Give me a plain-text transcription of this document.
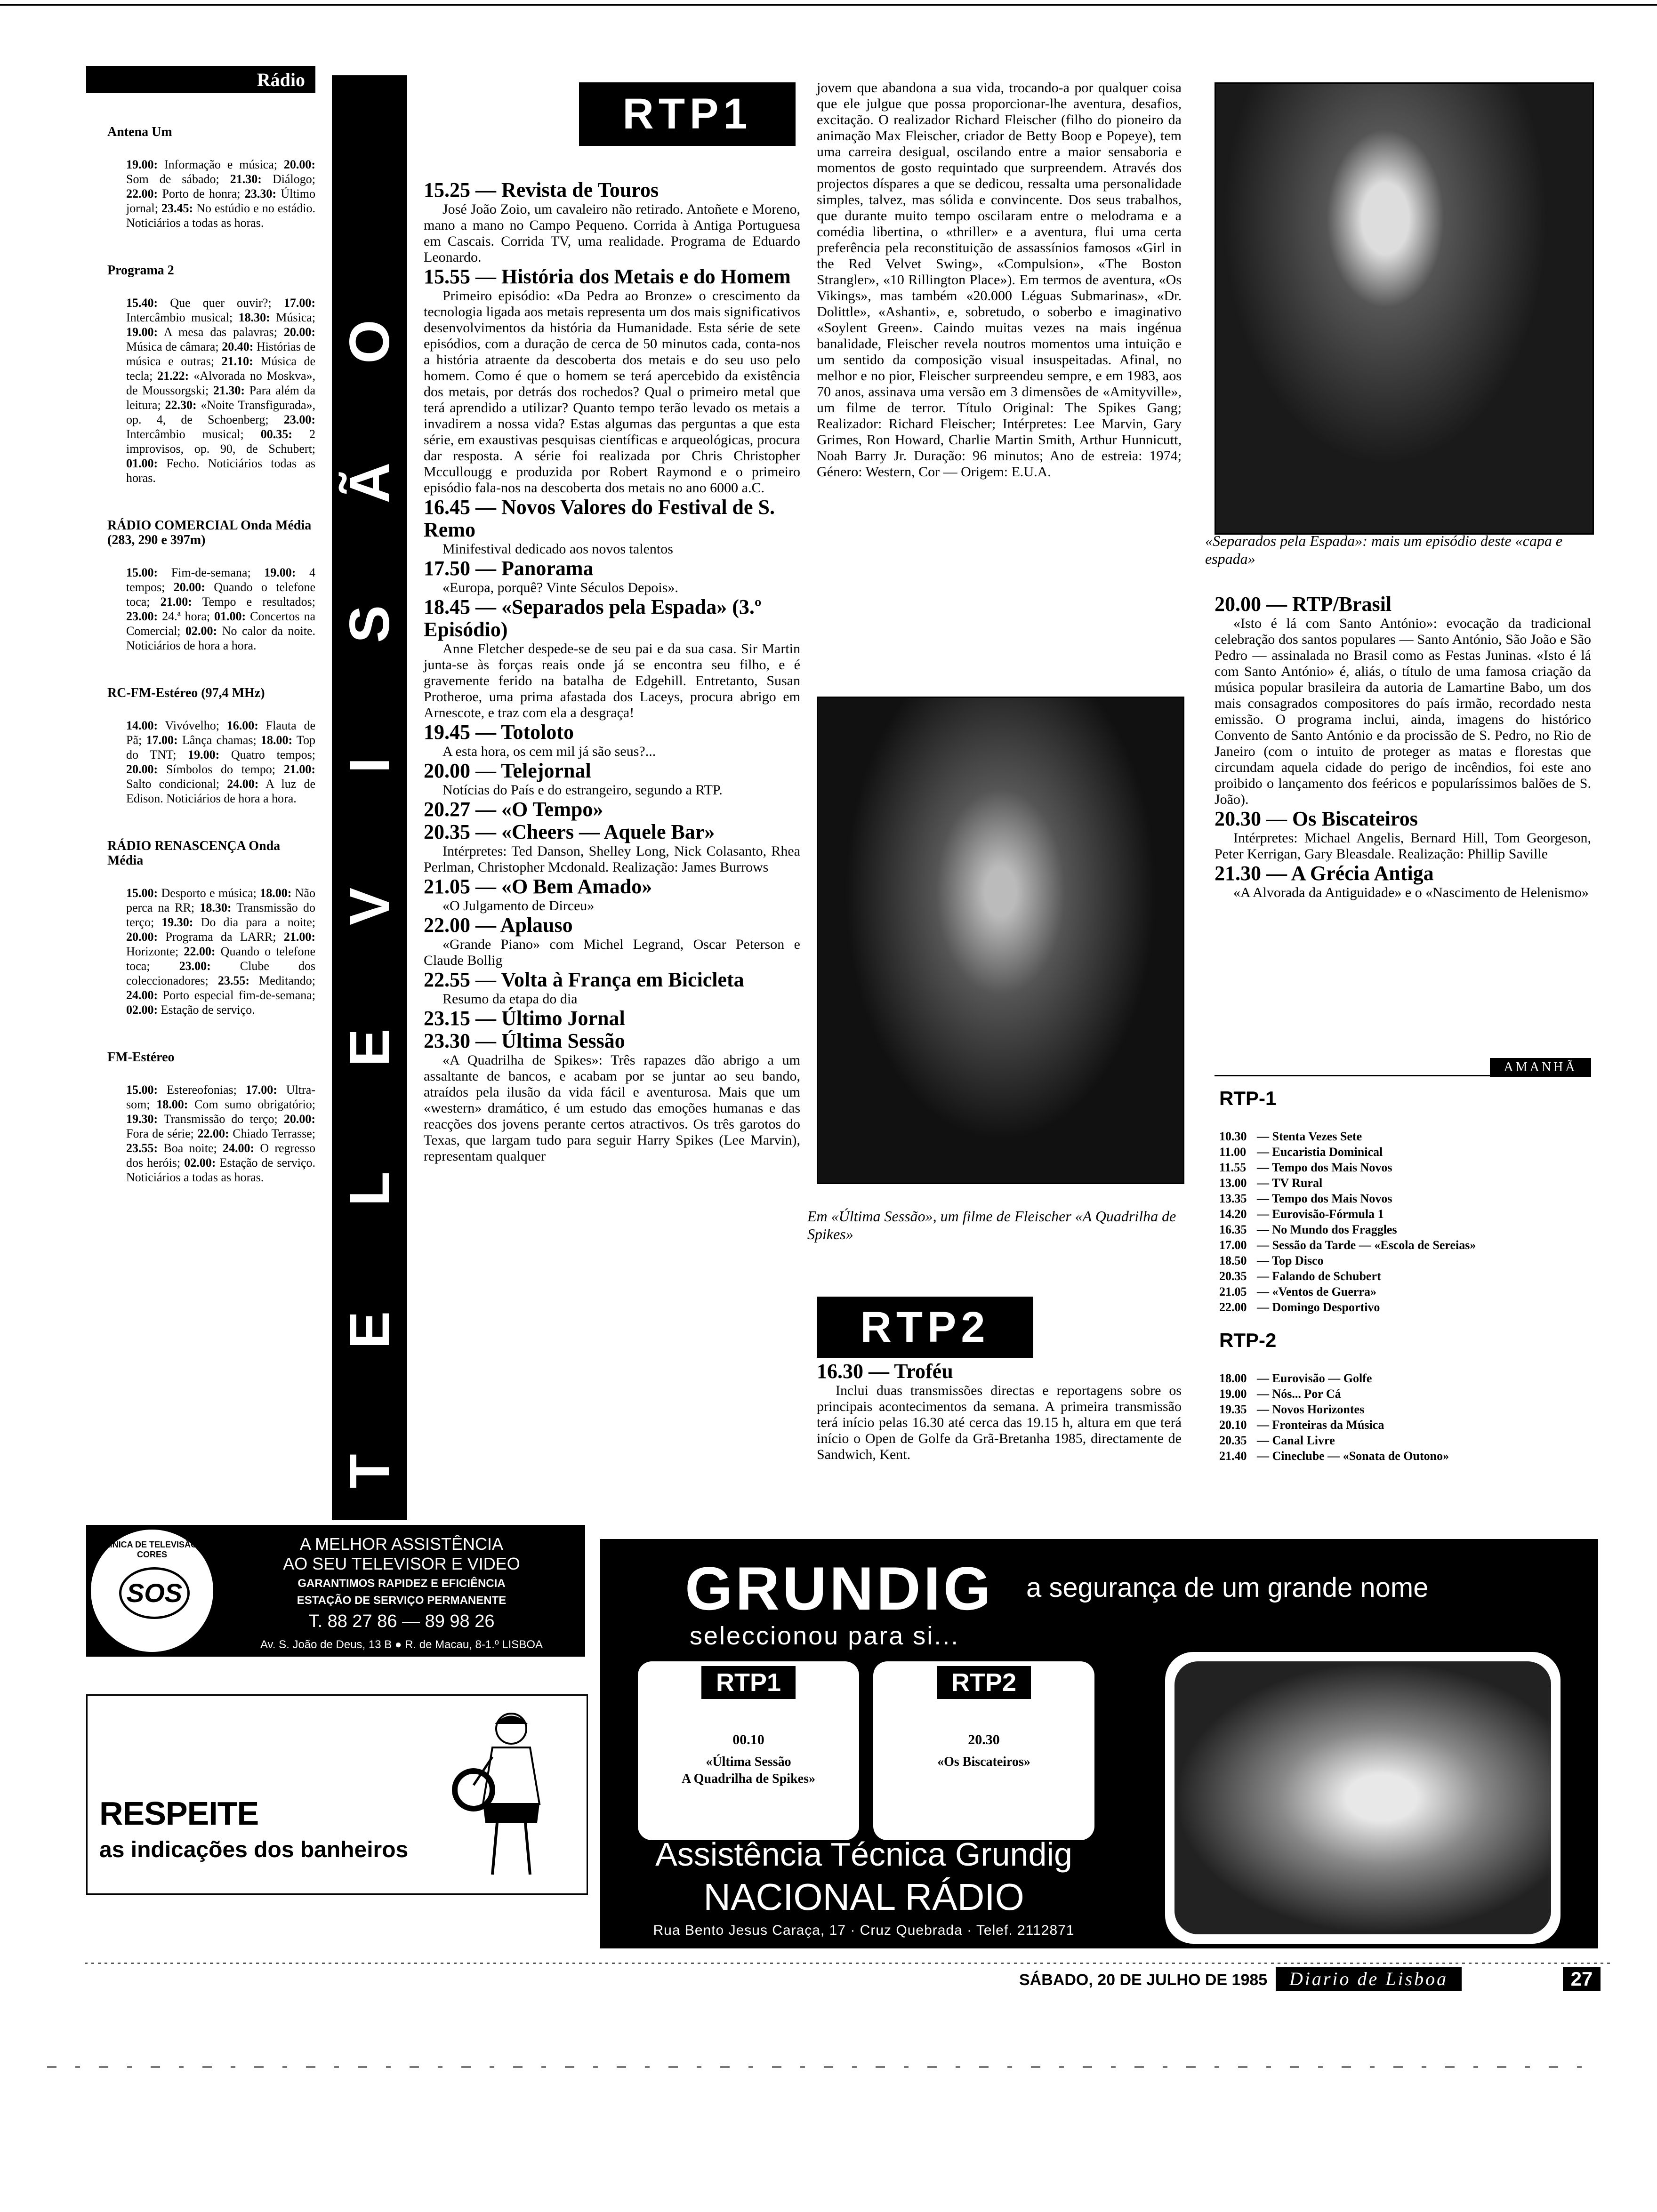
Rádio
Antena Um

19.00: Informação e música; 20.00: Som de sábado; 21.30: Diálogo; 22.00: Porto de honra; 23.30: Último jornal; 23.45: No estúdio e no estádio. Noticiários a todas as horas.

Programa 2

15.40: Que quer ouvir?; 17.00: Intercâmbio musical; 18.30: Música; 19.00: A mesa das palavras; 20.00: Música de câmara; 20.40: Histórias de música e outras; 21.10: Música de tecla; 21.22: «Alvorada no Moskva», de Moussorgski; 21.30: Para além da leitura; 22.30: «Noite Transfigurada», op. 4, de Schoenberg; 23.00: Intercâmbio musical; 00.35: 2 improvisos, op. 90, de Schubert; 01.00: Fecho. Noticiários todas as horas.

RÁDIO COMERCIAL Onda Média (283, 290 e 397m)

15.00: Fim-de-semana; 19.00: 4 tempos; 20.00: Quando o telefone toca; 21.00: Tempo e resultados; 23.00: 24.ª hora; 01.00: Concertos na Comercial; 02.00: No calor da noite. Noticiários de hora a hora.

RC-FM-Estéreo (97,4 MHz)

14.00: Vivóvelho; 16.00: Flauta de Pã; 17.00: Lânça chamas; 18.00: Top do TNT; 19.00: Quatro tempos; 20.00: Símbolos do tempo; 21.00: Salto condicional; 24.00: A luz de Edison. Noticiários de hora a hora.

RÁDIO RENASCENÇA Onda Média

15.00: Desporto e música; 18.00: Não perca na RR; 18.30: Transmissão do terço; 19.30: Do dia para a noite; 20.00: Programa da LARR; 21.00: Horizonte; 22.00: Quando o telefone toca; 23.00: Clube dos coleccionadores; 23.55: Meditando; 24.00: Porto especial fim-de-semana; 02.00: Estação de serviço.

FM-Estéreo

15.00: Estereofonias; 17.00: Ultra-som; 18.00: Com sumo obrigatório; 19.30: Transmissão do terço; 20.00: Fora de série; 22.00: Chiado Terrasse; 23.55: Boa noite; 24.00: O regresso dos heróis; 02.00: Estação de serviço. Noticiários a todas as horas.

T
E
L
E
V
I
S
Ã
O
RTP1
15.25 — Revista de Touros

José João Zoio, um cavaleiro não retirado. Antoñete e Moreno, mano a mano no Campo Pequeno. Corrida à Antiga Portuguesa em Cascais. Corrida TV, uma realidade. Programa de Eduardo Leonardo.

15.55 — História dos Metais e do Homem

Primeiro episódio: «Da Pedra ao Bronze» o crescimento da tecnologia ligada aos metais representa um dos mais significativos desenvolvimentos da história da Humanidade. Esta série de sete episódios, com a duração de cerca de 50 minutos cada, conta-nos a história atraente da descoberta dos metais e do seu uso pelo homem. Como é que o homem se terá apercebido da existência dos metais, por detrás dos rochedos? Qual o primeiro metal que terá aprendido a utilizar? Quanto tempo terão levado os metais a invadirem a nossa vida? Estas algumas das perguntas a que esta série, em exaustivas pesquisas científicas e arqueológicas, procura dar resposta. A série foi realizada por Chris Christopher Mccullougg e produzida por Robert Raymond e o primeiro episódio fala-nos na descoberta dos metais no ano 6000 a.C.

16.45 — Novos Valores do Festival de S. Remo

Minifestival dedicado aos novos talentos

17.50 — Panorama

«Europa, porquê? Vinte Séculos Depois».

18.45 — «Separados pela Espada» (3.º Episódio)

Anne Fletcher despede-se de seu pai e da sua casa. Sir Martin junta-se às forças reais onde já se encontra seu filho, e é gravemente ferido na batalha de Edgehill. Entretanto, Susan Protheroe, uma prima afastada dos Laceys, procura abrigo em Arnescote, e traz com ela a desgraça!

19.45 — Totoloto

A esta hora, os cem mil já são seus?...

20.00 — Telejornal

Notícias do País e do estrangeiro, segundo a RTP.

20.27 — «O Tempo»
20.35 — «Cheers — Aquele Bar»

Intérpretes: Ted Danson, Shelley Long, Nick Colasanto, Rhea Perlman, Christopher Mcdonald. Realização: James Burrows

21.05 — «O Bem Amado»

«O Julgamento de Dirceu»

22.00 — Aplauso

«Grande Piano» com Michel Legrand, Oscar Peterson e Claude Bollig

22.55 — Volta à França em Bicicleta

Resumo da etapa do dia

23.15 — Último Jornal
23.30 — Última Sessão

«A Quadrilha de Spikes»: Três rapazes dão abrigo a um assaltante de bancos, e acabam por se juntar ao seu bando, atraídos pela ilusão da vida fácil e aventurosa. Mais que um «western» dramático, é um estudo das emoções humanas e das reacções dos jovens perante certos atractivos. Os três garotos do Texas, que largam tudo para seguir Harry Spikes (Lee Marvin), representam qualquer

jovem que abandona a sua vida, trocando-a por qualquer coisa que ele julgue que possa proporcionar-lhe aventura, desafios, excitação. O realizador Richard Fleischer (filho do pioneiro da animação Max Fleischer, criador de Betty Boop e Popeye), tem uma carreira desigual, oscilando entre a maior sensaboria e momentos de gosto requintado que surpreendem. Através dos projectos díspares a que se dedicou, ressalta uma personalidade simples, talvez, mas sólida e convincente. Dos seus trabalhos, que durante muito tempo oscilaram entre o melodrama e a comédia libertina, o «thriller» e a aventura, flui uma certa preferência pela reconstituição de assassínios famosos «Girl in the Red Velvet Swing», «Compulsion», «The Boston Strangler», «10 Rillington Place»). Em termos de aventura, «Os Vikings», mas também «20.000 Léguas Submarinas», «Dr. Dolittle», «Ashanti», e, sobretudo, o soberbo e imaginativo «Soylent Green». Caindo muitas vezes na mais ingénua banalidade, Fleischer revela noutros momentos uma intuição e um sentido da composição visual insuspeitadas. Afinal, no melhor e no pior, Fleischer surpreendeu sempre, e em 1983, aos 70 anos, assinava uma versão em 3 dimensões de «Amityville», um filme de terror. Título Original: The Spikes Gang; Realizador: Richard Fleischer; Intérpretes: Lee Marvin, Gary Grimes, Ron Howard, Charlie Martin Smith, Arthur Hunnicutt, Noah Barry Jr. Duração: 96 minutos; Ano de estreia: 1974; Género: Western, Cor — Origem: E.U.A.

«Separados pela Espada»: mais um episódio deste «capa e espada»
Em «Última Sessão», um filme de Fleischer «A Quadrilha de Spikes»
RTP2
16.30 — Troféu

Inclui duas transmissões directas e reportagens sobre os principais acontecimentos da semana. A primeira transmissão terá início pelas 16.30 até cerca das 19.15 h, altura em que terá início o Open de Golfe da Grã-Bretanha 1985, directamente de Sandwich, Kent.

20.00 — RTP/Brasil

«Isto é lá com Santo António»: evocação da tradicional celebração dos santos populares — Santo António, São João e São Pedro — assinalada no Brasil como as Festas Juninas. «Isto é lá com Santo António» é, aliás, o título de uma famosa criação da música popular brasileira da autoria de Lamartine Babo, um dos mais consagrados compositores do país irmão, recordado nesta emissão. O programa inclui, ainda, imagens do histórico Convento de Santo António e da procissão de S. Pedro, no Rio de Janeiro (com o intuito de proteger as matas e florestas que circundam aquela cidade do perigo de incêndios, foi este ano proibido o lançamento dos feéricos e popularíssimos balões de S. João).

20.30 — Os Biscateiros

Intérpretes: Michael Angelis, Bernard Hill, Tom Georgeson, Peter Kerrigan, Gary Bleasdale. Realização: Phillip Saville

21.30 — A Grécia Antiga

«A Alvorada da Antiguidade» e o «Nascimento de Helenismo»

AMANHÃ
RTP-1
10.30 — Stenta Vezes Sete
11.00 — Eucaristia Dominical
11.55 — Tempo dos Mais Novos
13.00 — TV Rural
13.35 — Tempo dos Mais Novos
14.20 — Eurovisão-Fórmula 1
16.35 — No Mundo dos Fraggles
17.00 — Sessão da Tarde — «Escola de Sereias»
18.50 — Top Disco
20.35 — Falando de Schubert
21.05 — «Ventos de Guerra»
22.00 — Domingo Desportivo
RTP-2
18.00 — Eurovisão — Golfe
19.00 — Nós... Por Cá
19.35 — Novos Horizontes
20.10 — Fronteiras da Música
20.35 — Canal Livre
21.40 — Cineclube — «Sonata de Outono»
CLÍNICA DE TELEVISÃO A CORES
SOS
A MELHOR ASSISTÊNCIA
AO SEU TELEVISOR E VIDEO
GARANTIMOS RAPIDEZ E EFICIÊNCIA
ESTAÇÃO DE SERVIÇO PERMANENTE
T. 88 27 86 — 89 98 26
Av. S. João de Deus, 13 B ● R. de Macau, 8-1.º LISBOA
RESPEITE
as indicações dos banheiros
GRUNDIG a segurança de um grande nome
seleccionou para si...
RTP1
00.10
«Última Sessão
A Quadrilha de Spikes»
RTP2
20.30
«Os Biscateiros»
Assistência Técnica Grundig
NACIONAL RÁDIO
Rua Bento Jesus Caraça, 17 · Cruz Quebrada · Telef. 2112871
SÁBADO, 20 DE JULHO DE 1985	Diario de Lisboa	27
